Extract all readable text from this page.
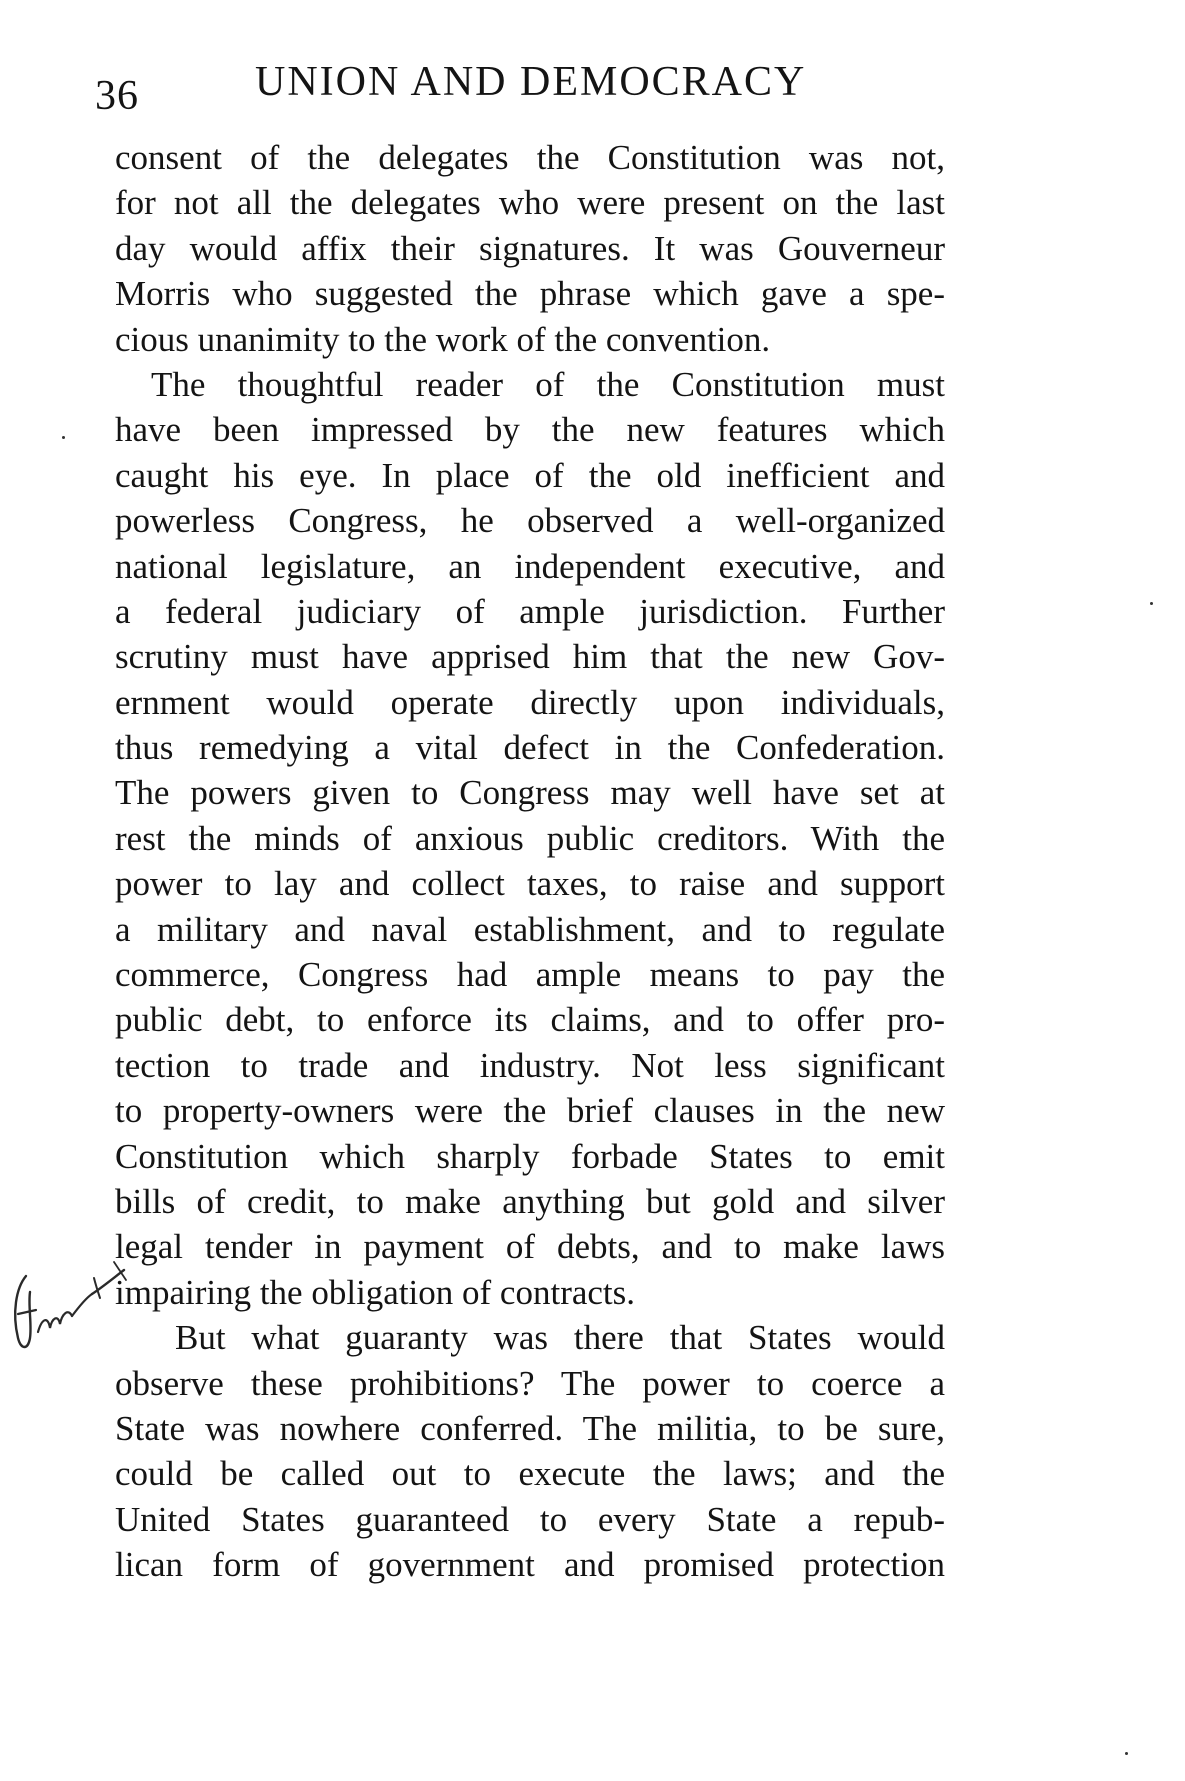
36	UNION AND DEMOCRACY
consent of the delegates the Constitution was not,
for not all the delegates who were present on the last
day would affix their signatures. It was Gouverneur
Morris who suggested the phrase which gave a spe-
cious unanimity to the work of the convention.
The thoughtful reader of the Constitution must
have been impressed by the new features which
caught his eye. In place of the old inefficient and
powerless Congress, he observed a well-organized
national legislature, an independent executive, and
a federal judiciary of ample jurisdiction. Further
scrutiny must have apprised him that the new Gov-
ernment would operate directly upon individuals,
thus remedying a vital defect in the Confederation.
The powers given to Congress may well have set at
rest the minds of anxious public creditors. With the
power to lay and collect taxes, to raise and support
a military and naval establishment, and to regulate
commerce, Congress had ample means to pay the
public debt, to enforce its claims, and to offer pro-
tection to trade and industry. Not less significant
to property-owners were the brief clauses in the new
Constitution which sharply forbade States to emit
bills of credit, to make anything but gold and silver
legal tender in payment of debts, and to make laws
impairing the obligation of contracts.
But what guaranty was there that States would
observe these prohibitions? The power to coerce a
State was nowhere conferred. The militia, to be sure,
could be called out to execute the laws; and the
United States guaranteed to every State a repub-
lican form of government and promised protection
